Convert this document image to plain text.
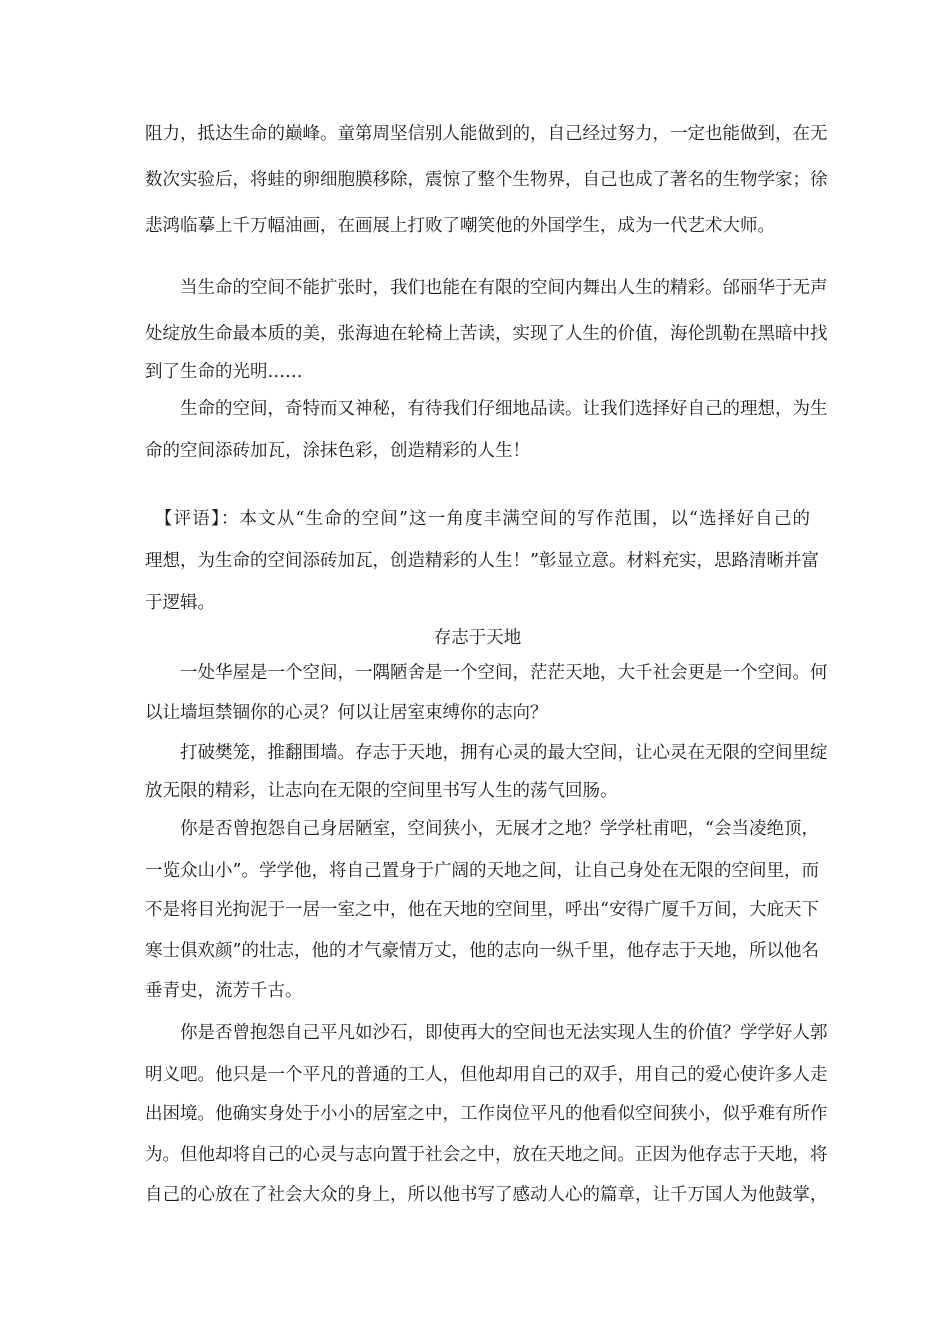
阻力，抵达生命的巅峰。童第周坚信别人能做到的，自己经过努力，一定也能做到，在无
数次实验后，将蛙的卵细胞膜移除，震惊了整个生物界，自己也成了著名的生物学家；徐
悲鸿临摹上千万幅油画，在画展上打败了嘲笑他的外国学生，成为一代艺术大师。
　　当生命的空间不能扩张时，我们也能在有限的空间内舞出人生的精彩。邰丽华于无声
处绽放生命最本质的美，张海迪在轮椅上苦读，实现了人生的价值，海伦凯勒在黑暗中找
到了生命的光明……
　　生命的空间，奇特而又神秘，有待我们仔细地品读。让我们选择好自己的理想，为生
命的空间添砖加瓦，涂抹色彩，创造精彩的人生！
　【评语】：本文从“生命的空间”这一角度丰满空间的写作范围，以“选择好自己的
理想，为生命的空间添砖加瓦，创造精彩的人生！”彰显立意。材料充实，思路清晰并富
于逻辑。
存志于天地
　　一处华屋是一个空间，一隅陋舍是一个空间，茫茫天地，大千社会更是一个空间。何
以让墙垣禁锢你的心灵？何以让居室束缚你的志向？
　　打破樊笼，推翻围墙。存志于天地，拥有心灵的最大空间，让心灵在无限的空间里绽
放无限的精彩，让志向在无限的空间里书写人生的荡气回肠。
　　你是否曾抱怨自己身居陋室，空间狭小，无展才之地？学学杜甫吧，“会当凌绝顶，
一览众山小”。学学他，将自己置身于广阔的天地之间，让自己身处在无限的空间里，而
不是将目光拘泥于一居一室之中，他在天地的空间里，呼出“安得广厦千万间，大庇天下
寒士俱欢颜”的壮志，他的才气豪情万丈，他的志向一纵千里，他存志于天地，所以他名
垂青史，流芳千古。
　　你是否曾抱怨自己平凡如沙石，即使再大的空间也无法实现人生的价值？学学好人郭
明义吧。他只是一个平凡的普通的工人，但他却用自己的双手，用自己的爱心使许多人走
出困境。他确实身处于小小的居室之中，工作岗位平凡的他看似空间狭小，似乎难有所作
为。但他却将自己的心灵与志向置于社会之中，放在天地之间。正因为他存志于天地，将
自己的心放在了社会大众的身上，所以他书写了感动人心的篇章，让千万国人为他鼓掌，
